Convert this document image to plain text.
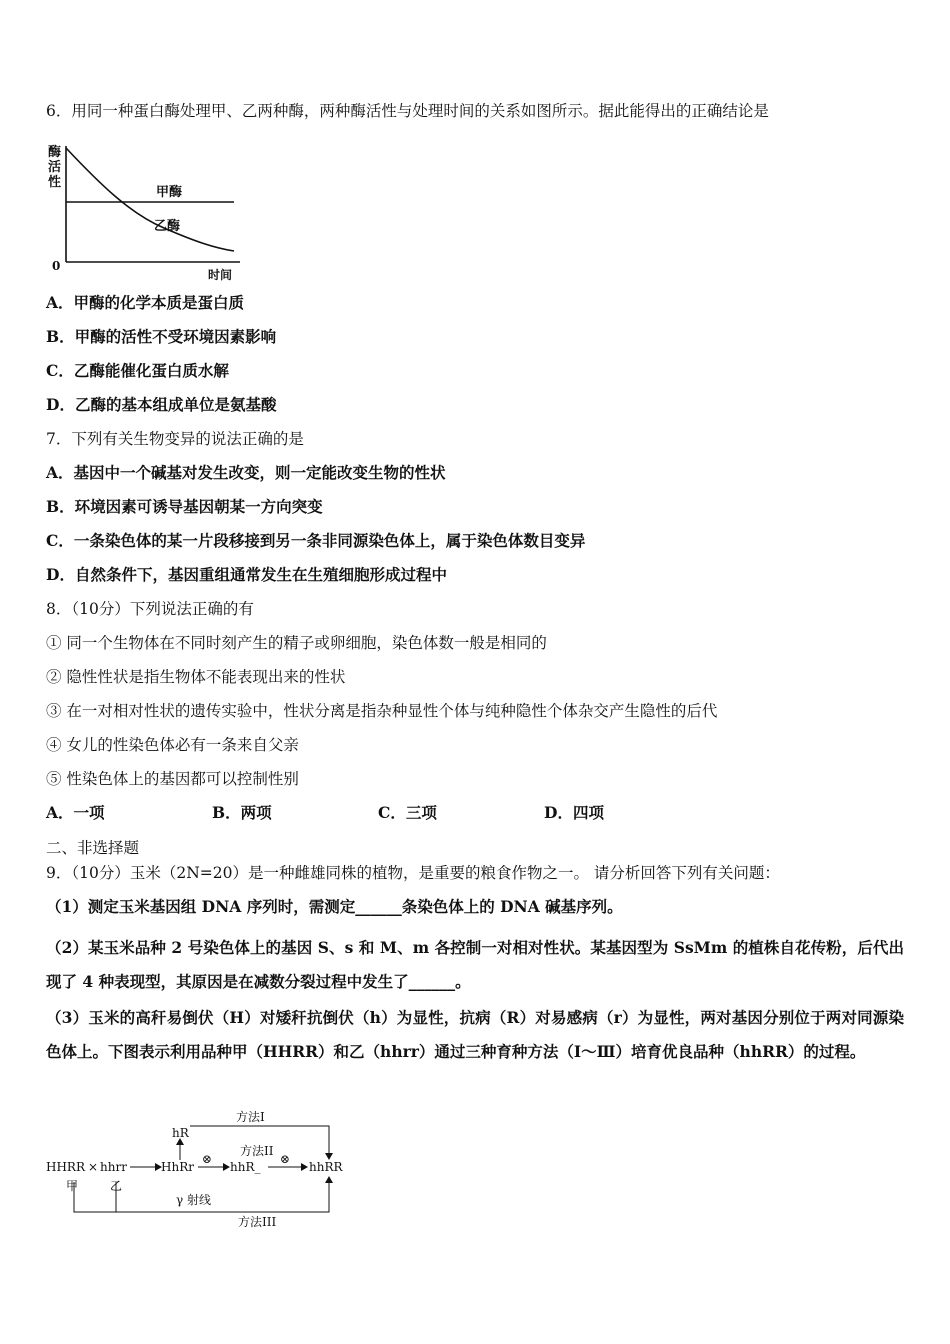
6．用同一种蛋白酶处理甲、乙两种酶，两种酶活性与处理时间的关系如图所示。据此能得出的正确结论是
酶 活 性
0
时间
甲酶
乙酶
A．甲酶的化学本质是蛋白质
B．甲酶的活性不受环境因素影响
C．乙酶能催化蛋白质水解
D．乙酶的基本组成单位是氨基酸
7．下列有关生物变异的说法正确的是
A．基因中一个碱基对发生改变，则一定能改变生物的性状
B．环境因素可诱导基因朝某一方向突变
C．一条染色体的某一片段移接到另一条非同源染色体上，属于染色体数目变异
D．自然条件下，基因重组通常发生在生殖细胞形成过程中
8．（10分）下列说法正确的有
① 同一个生物体在不同时刻产生的精子或卵细胞，染色体数一般是相同的
② 隐性性状是指生物体不能表现出来的性状
③ 在一对相对性状的遗传实验中，性状分离是指杂种显性个体与纯种隐性个体杂交产生隐性的后代
④ 女儿的性染色体必有一条来自父亲
⑤ 性染色体上的基因都可以控制性别
A．一项	B．两项	C．三项	D．四项
二、非选择题
9．（10分）玉米（2N=20）是一种雌雄同株的植物，是重要的粮食作物之一。 请分析回答下列有关问题：
（1）测定玉米基因组 DNA 序列时，需测定______条染色体上的 DNA 碱基序列。
（2）某玉米品种 2 号染色体上的基因 S、s 和 M、m 各控制一对相对性状。某基因型为 SsMm 的植株自花传粉，后代出现了 4 种表现型，其原因是在减数分裂过程中发生了______。
（3）玉米的高秆易倒伏（H）对矮秆抗倒伏（h）为显性，抗病（R）对易感病（r）为显性，两对基因分别位于两对同源染色体上。下图表示利用品种甲（HHRR）和乙（hhrr）通过三种育种方法（Ⅰ～Ⅲ）培育优良品种（hhRR）的过程。
方法I
hR
方法II
HHRR × hhrr	HhRr
⊗
hhR_
⊗
hhRR
甲	乙
γ 射线
方法III
